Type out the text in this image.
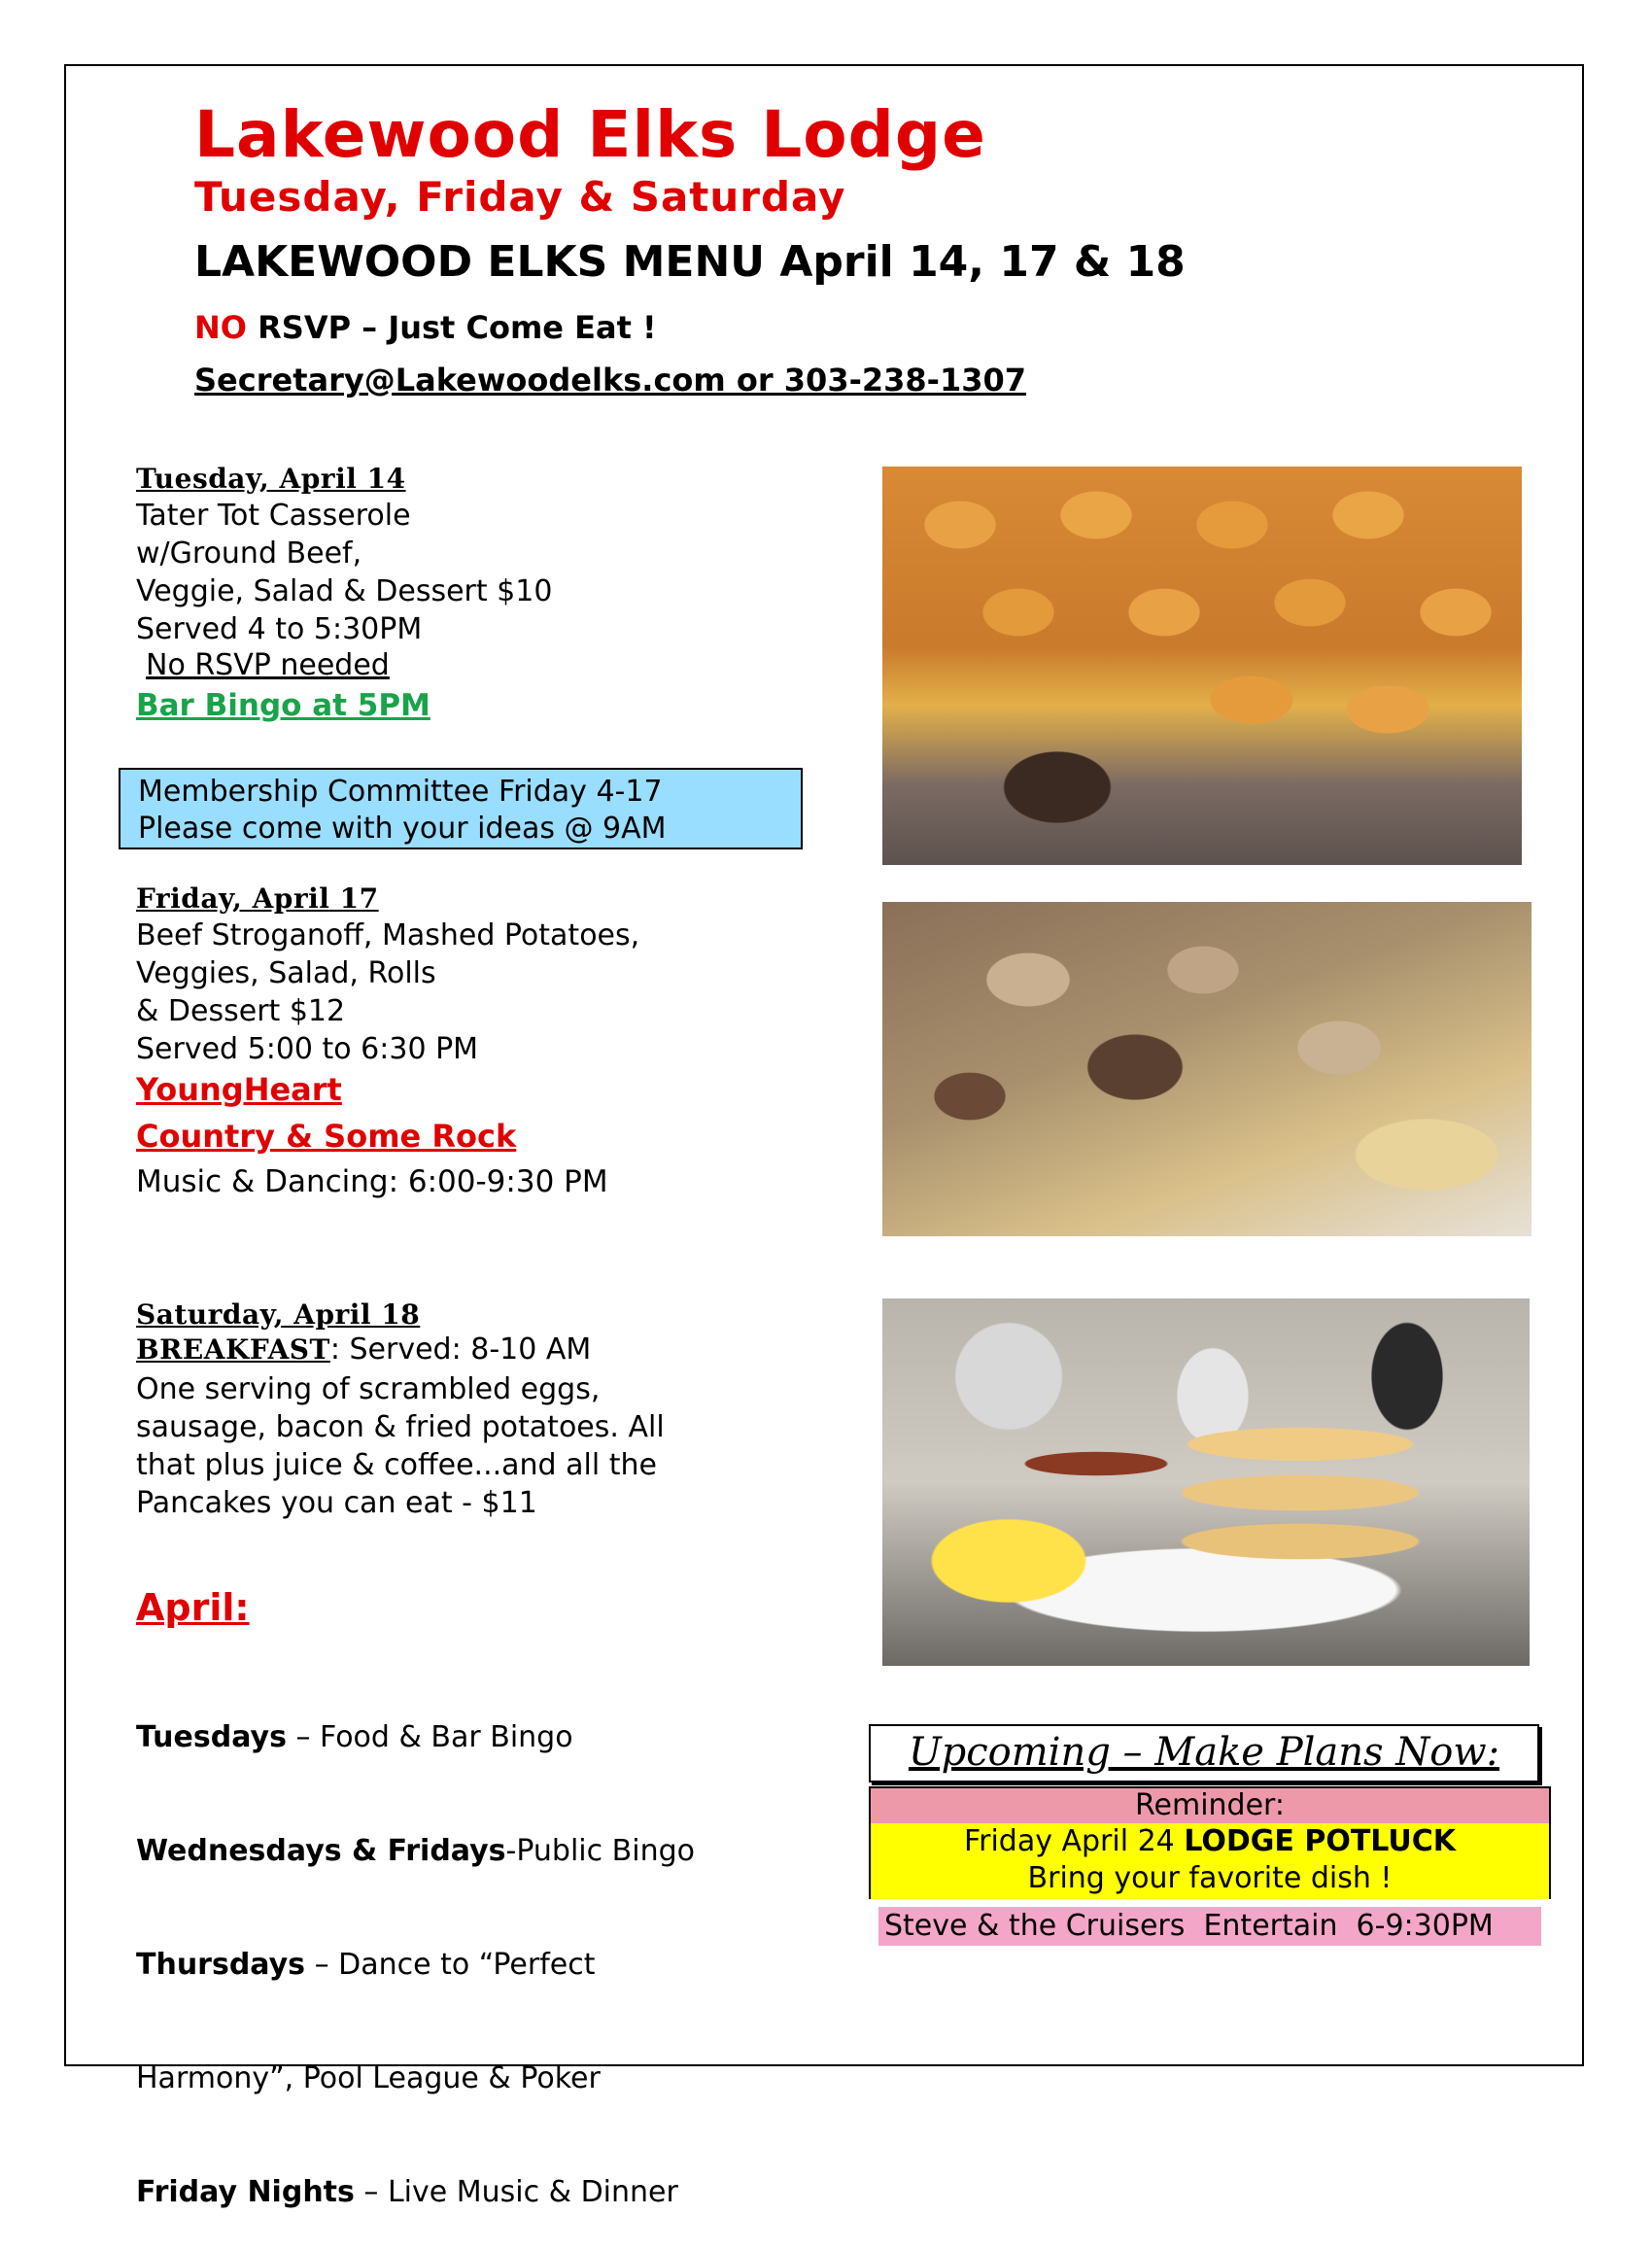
Lakewood Elks Lodge
Tuesday, Friday & Saturday
LAKEWOOD ELKS MENU April 14, 17 & 18
NO RSVP – Just Come Eat !
Secretary@Lakewoodelks.com or 303-238-1307
Tuesday, April 14
Tater Tot Casserole
w/Ground Beef,
Veggie, Salad & Dessert $10
Served 4 to 5:30PM
No RSVP needed
Bar Bingo at 5PM
Membership Committee Friday 4-17
Please come with your ideas @ 9AM
Friday, April 17
Beef Stroganoff, Mashed Potatoes,
Veggies, Salad, Rolls
& Dessert $12
Served 5:00 to 6:30 PM
YoungHeart
Country & Some Rock
Music & Dancing: 6:00-9:30 PM
Saturday, April 18
BREAKFAST: Served: 8-10 AM
One serving of scrambled eggs,
sausage, bacon & fried potatoes. All
that plus juice & coffee...and all the
Pancakes you can eat - $11
April:

Tuesdays – Food & Bar Bingo

Wednesdays & Fridays-Public Bingo

Thursdays – Dance to “Perfect

Harmony”, Pool League & Poker

Friday Nights – Live Music & Dinner

Upcoming – Make Plans Now:
Reminder:
Friday April 24 LODGE POTLUCK
Bring your favorite dish !
Steve & the Cruisers  Entertain  6-9:30PM
